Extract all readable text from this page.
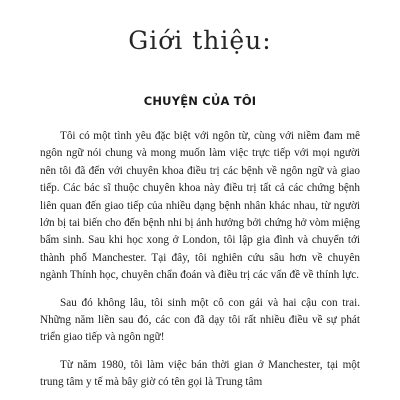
Giới thiệu:
CHUYỆN CỦA TÔI

Tôi có một tình yêu đặc biệt với ngôn từ, cùng với niềm đam mê ngôn ngữ nói chung và mong muốn làm việc trực tiếp với mọi người nên tôi đã đến với chuyên khoa điều trị các bệnh về ngôn ngữ và giao tiếp. Các bác sĩ thuộc chuyên khoa này điều trị tất cả các chứng bệnh liên quan đến giao tiếp của nhiều dạng bệnh nhân khác nhau, từ người lớn bị tai biến cho đến bệnh nhi bị ảnh hưởng bởi chứng hở vòm miệng bẩm sinh. Sau khi học xong ở London, tôi lập gia đình và chuyển tới thành phố Manchester. Tại đây, tôi nghiên cứu sâu hơn về chuyên ngành Thính học, chuyên chẩn đoán và điều trị các vấn đề về thính lực.

Sau đó không lâu, tôi sinh một cô con gái và hai cậu con trai. Những năm liền sau đó, các con đã dạy tôi rất nhiều điều về sự phát triển giao tiếp và ngôn ngữ!

Từ năm 1980, tôi làm việc bán thời gian ở Manchester, tại một trung tâm y tế mà bây giờ có tên gọi là Trung tâm
